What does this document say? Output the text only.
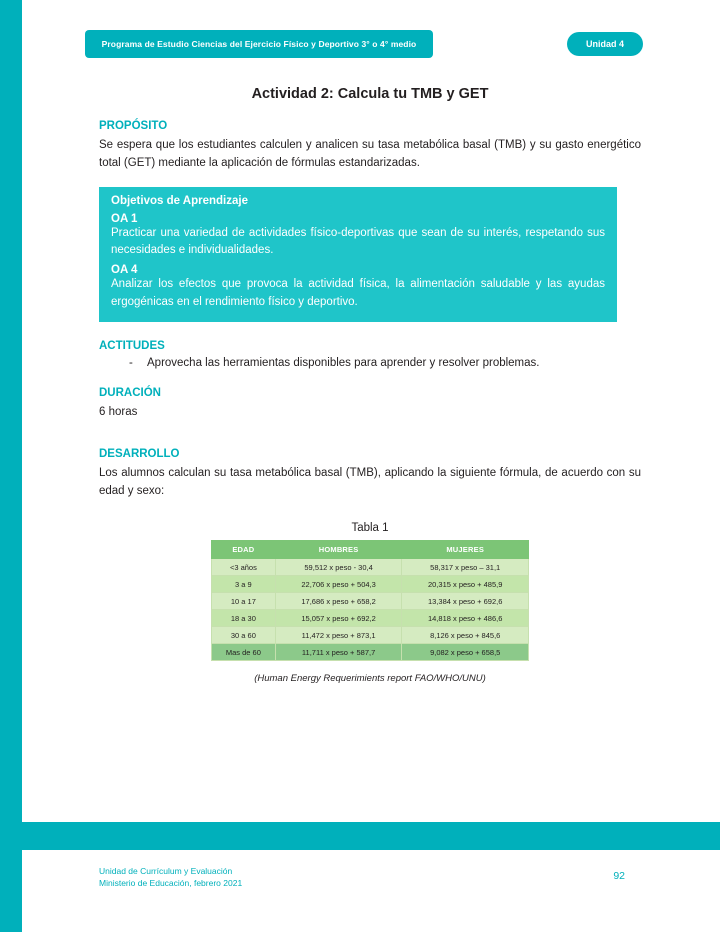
Programa de Estudio Ciencias del Ejercicio Físico y Deportivo 3° o 4° medio	Unidad 4
Actividad 2: Calcula tu TMB y GET
PROPÓSITO

Se espera que los estudiantes calculen y analicen su tasa metabólica basal (TMB) y su gasto energético total (GET) mediante la aplicación de fórmulas estandarizadas.

Objetivos de Aprendizaje
OA 1

Practicar una variedad de actividades físico-deportivas que sean de su interés, respetando sus necesidades e individualidades.

OA 4

Analizar los efectos que provoca la actividad física, la alimentación saludable y las ayudas ergogénicas en el rendimiento físico y deportivo.

ACTITUDES
-	Aprovecha las herramientas disponibles para aprender y resolver problemas.
DURACIÓN

6 horas

DESARROLLO

Los alumnos calculan su tasa metabólica basal (TMB), aplicando la siguiente fórmula, de acuerdo con su edad y sexo:

Tabla 1
EDAD	HOMBRES	MUJERES
<3 años	59,512 x peso - 30,4	58,317 x peso – 31,1
3 a 9	22,706 x peso + 504,3	20,315 x peso + 485,9
10 a 17	17,686 x peso + 658,2	13,384 x peso + 692,6
18 a 30	15,057 x peso + 692,2	14,818 x peso + 486,6
30 a 60	11,472 x peso + 873,1	8,126 x peso + 845,6
Mas de 60	11,711 x peso + 587,7	9,082 x peso + 658,5
(Human Energy Requerimients report FAO/WHO/UNU)
Unidad de Currículum y Evaluación
Ministerio de Educación, febrero 2021
92
